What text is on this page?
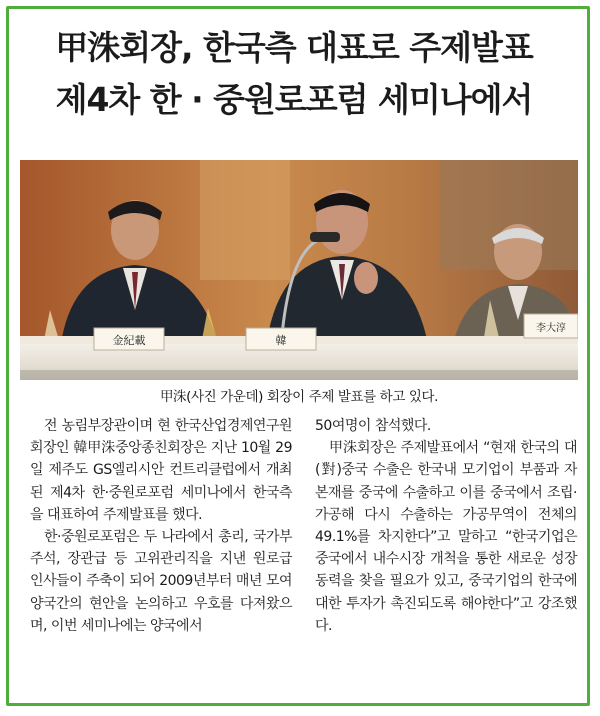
甲洙회장, 한국측 대표로 주제발표
제4차 한 · 중원로포럼 세미나에서
金紀載	韓
李大淳
甲洙(사진 가운데) 회장이 주제 발표를 하고 있다.

전 농림부장관이며 현 한국산업경제연구원 회장인 韓甲洙중앙종친회장은 지난 10월 29일 제주도 GS엘리시안 컨트리클럽에서 개최된 제4차 한·중원로포럼 세미나에서 한국측을 대표하여 주제발표를 했다.

한·중원로포럼은 두 나라에서 총리, 국가부주석, 장관급 등 고위관리직을 지낸 원로급 인사들이 주축이 되어 2009년부터 매년 모여 양국간의 현안을 논의하고 우호를 다져왔으며, 이번 세미나에는 양국에서

50여명이 참석했다.

甲洙회장은 주제발표에서 “현재 한국의 대(對)중국 수출은 한국내 모기업이 부품과 자본재를 중국에 수출하고 이를 중국에서 조립·가공해 다시 수출하는 가공무역이 전체의 49.1%를 차지한다”고 말하고 “한국기업은 중국에서 내수시장 개척을 통한 새로운 성장동력을 찾을 필요가 있고, 중국기업의 한국에 대한 투자가 촉진되도록 해야한다”고 강조했다.
